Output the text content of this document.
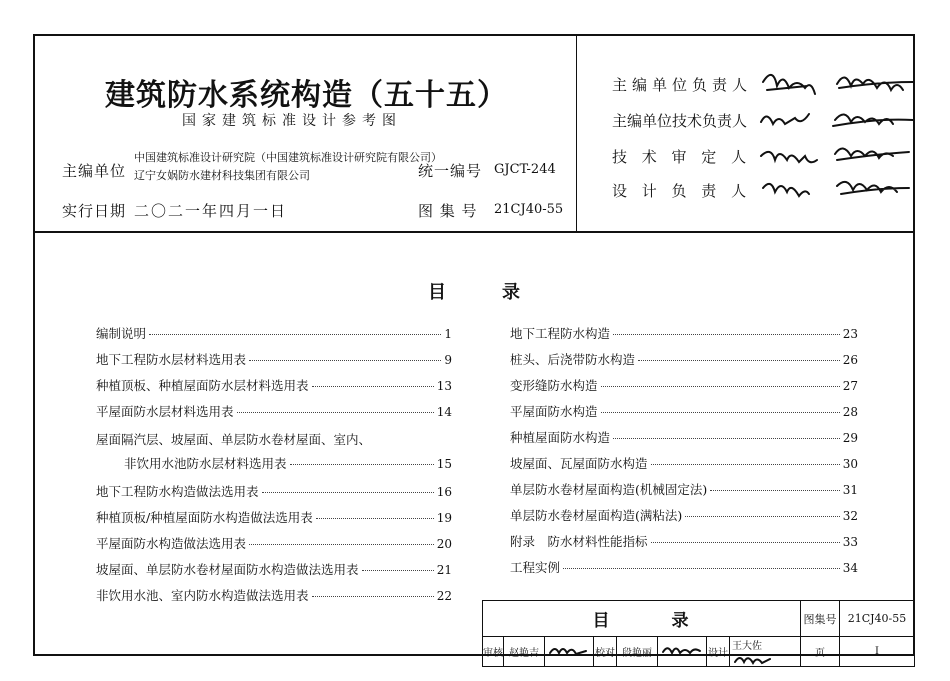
建筑防水系统构造（五十五）
国家建筑标准设计参考图
主编单位
中国建筑标准设计研究院（中国建筑标准设计研究院有限公司）
辽宁女娲防水建材科技集团有限公司	统一编号 GJCT-244
实行日期 二〇二一年四月一日	图 集 号 21CJ40-55
主编单位负责人
主编单位技术负责人
技 术 审 定 人
设 计 负 责 人
目	录
编制说明	1
地下工程防水层材料选用表	9
种植顶板、种植屋面防水层材料选用表	13
平屋面防水层材料选用表	14
屋面隔汽层、坡屋面、单层防水卷材屋面、室内、
非饮用水池防水层材料选用表	15
地下工程防水构造做法选用表	16
种植顶板/种植屋面防水构造做法选用表	19
平屋面防水构造做法选用表	20
坡屋面、单层防水卷材屋面防水构造做法选用表	21
非饮用水池、室内防水构造做法选用表	22
地下工程防水构造	23
桩头、后浇带防水构造	26
变形缝防水构造	27
平屋面防水构造	28
种植屋面防水构造	29
坡屋面、瓦屋面防水构造	30
单层防水卷材屋面构造(机械固定法)	31
单层防水卷材屋面构造(满粘法)	32
附录　防水材料性能指标	33
工程实例	34
目 录								图集号	21CJ40-55
审核	赵艳吉		校对	段艳丽		设计	王大佐	页	I
